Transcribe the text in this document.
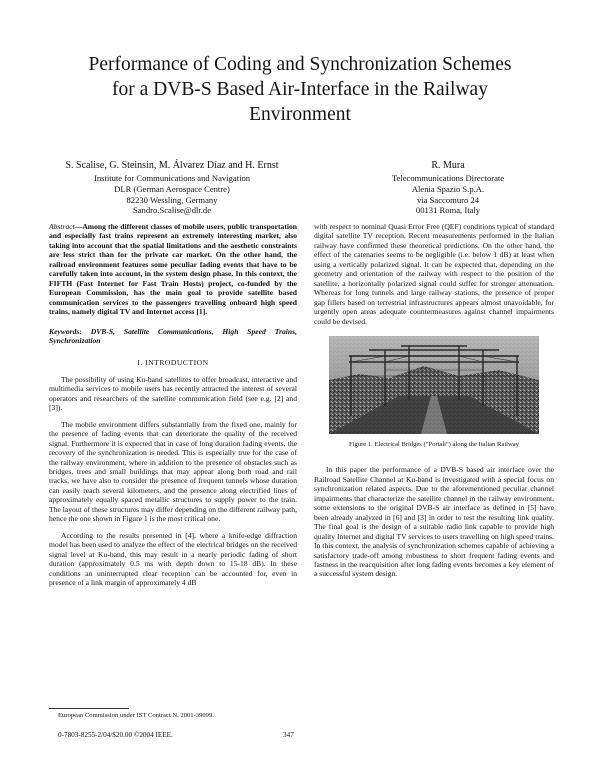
Performance of Coding and Synchronization Schemes
for a DVB-S Based Air-Interface in the Railway
Environment
S. Scalise, G. Steinsin, M. Álvarez Díaz and H. Ernst
Institute for Communications and Navigation
DLR (German Aerospace Centre)
82230 Wessling, Germany
Sandro.Scalise@dlr.de
R. Mura
Telecommunications Directorate
Alenia Spazio S.p.A.
via Saccomuro 24
00131 Roma, Italy
Abstract—Among the different classes of mobile users, public transportation and especially fast trains represent an extremely interesting market, also taking into account that the spatial limitations and the aesthetic constraints are less strict than for the private car market. On the other hand, the railroad environment features some peculiar fading events that have to be carefully taken into account, in the system design phase. In this context, the FIFTH (Fast Internet for Fast Train Hosts) project, co-funded by the European Commission, has the main goal to provide satellite based communication services to the passengers travelling onboard high speed trains, namely digital TV and Internet access [1].
Keywords: DVB-S, Satellite Communications, High Speed Trains, Synchronization
I. INTRODUCTION

The possibility of using Ku-band satellites to offer broadcast, interactive and multimedia services to mobile users has recently attracted the interest of several operators and researchers of the satellite communication field (see e.g. [2] and [3]).

The mobile environment differs substantially from the fixed one, mainly for the presence of fading events that can deteriorate the quality of the received signal. Furthermore it is expected that in case of long duration fading events, the recovery of the synchronization is needed. This is especially true for the case of the railway environment, where in addition to the presence of obstacles such as bridges, trees and small buildings that may appear along both road and rail tracks, we have also to consider the presence of frequent tunnels whose duration can easily reach several kilometers, and the presence along electrified lines of approximately equally spaced metallic structures to supply power to the train. The layout of these structures may differ depending on the different railway path, hence the one shown in Figure 1 is the most critical one.

According to the results presented in [4], where a knife-edge diffraction model has been used to analyze the effect of the electrical bridges on the received signal level at Ku-band, this may result in a nearly periodic fading of short duration (approximately 0.5 ms with depth down to 15-18 dB). In these conditions an uninterrupted clear reception can be accounted for, even in presence of a link margin of approximately 4 dB

with respect to nominal Quasi Error Free (QEF) conditions typical of standard digital satellite TV reception. Recent measurements performed in the Italian railway have confirmed these theoretical predictions. On the other hand, the effect of the catenaries seems to be negligible (i.e. below 1 dB) at least when using a vertically polarized signal. It can be expected that, depending on the geometry and orientation of the railway with respect to the position of the satellite, a horizontally polarized signal could suffer for stronger attenuation. Whereas for long tunnels and large railway stations, the presence of proper gap fillers based on terrestrial infrastructures appears almost unavoidable, for urgently open areas adequate countermeasures against channel impairments could be devised.

Figure 1. Electrical Bridges ("Portali") along the Italian Railway

In this paper the performance of a DVB-S based air interface over the Railroad Satellite Channel at Ku-band is investigated with a special focus on synchronization related aspects. Due to the aforementioned peculiar channel impairments that characterize the satellite channel in the railway environment, some extensions to the original DVB-S air interface as defined in [5] have been already analyzed in [6] and [3] in order to test the resulting link quality. The final goal is the design of a suitable radio link capable to provide high quality Internet and digital TV services to users travelling on high speed trains. In this context, the analysis of synchronization schemes capable of achieving a satisfactory trade-off among robustness to short frequent fading events and fastness in the reacquisition after long fading events becomes a key element of a successful system design.

European Commission under IST Contract N. 2001-39099.
0-7803-8255-2/04/$20.00 ©2004 IEEE.	347
